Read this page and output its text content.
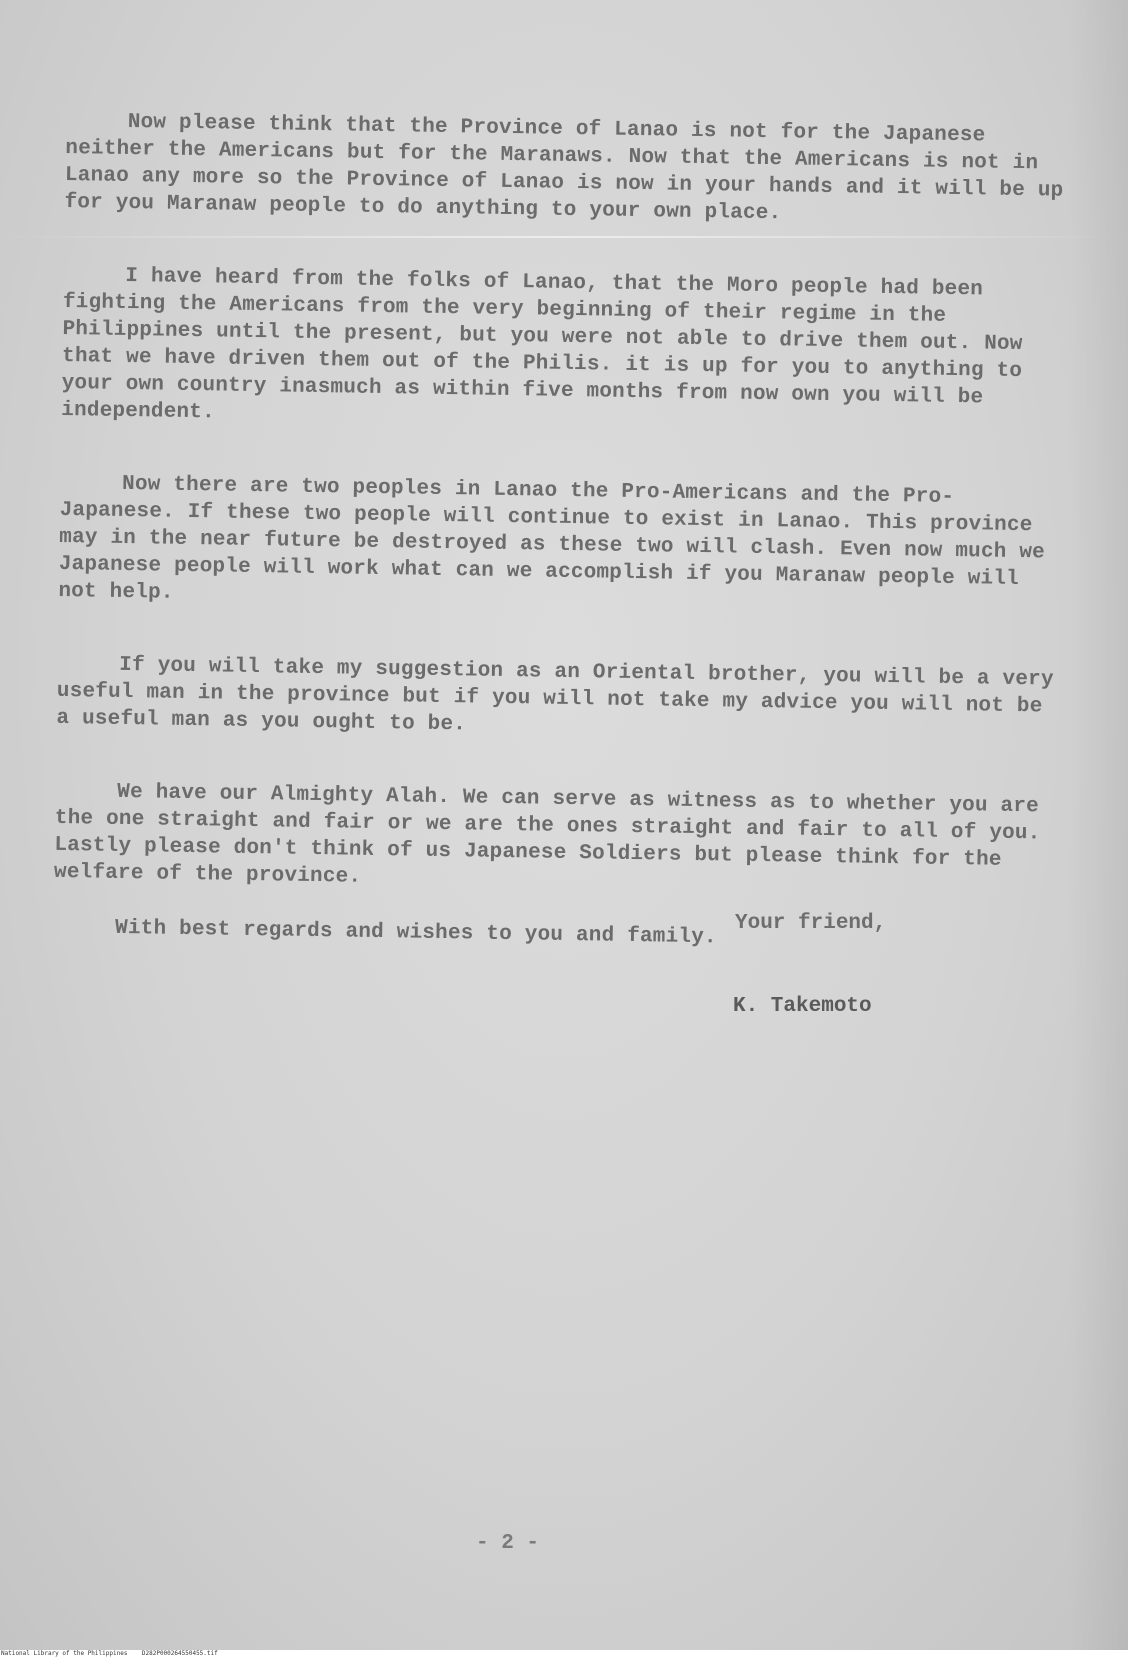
Now please think that the Province of Lanao is not for the Japanese neither the Americans but for the Maranaws. Now that the Americans is not in Lanao any more so the Province of Lanao is now in your hands and it will be up for you Maranaw people to do anything to your own place.

I have heard from the folks of Lanao, that the Moro people had been fighting the Americans from the very beginning of their regime in the Philippines until the present, but you were not able to drive them out. Now that we have driven them out of the Philis. it is up for you to anything to your own country inasmuch as within five months from now own you will be independent.

Now there are two peoples in Lanao the Pro-Americans and the Pro-Japanese. If these two people will continue to exist in Lanao. This province may in the near future be destroyed as these two will clash. Even now much we Japanese people will work what can we accomplish if you Maranaw people will not help.

If you will take my suggestion as an Oriental brother, you will be a very useful man in the province but if you will not take my advice you will not be a useful man as you ought to be.

We have our Almighty Alah. We can serve as witness as to whether you are the one straight and fair or we are the ones straight and fair to all of you. Lastly please don't think of us Japanese Soldiers but please think for the welfare of the province.

With best regards and wishes to you and family. Your friend,
K. Takemoto
- 2 -
National Library of the Philippines    D282P000264550455.tif
